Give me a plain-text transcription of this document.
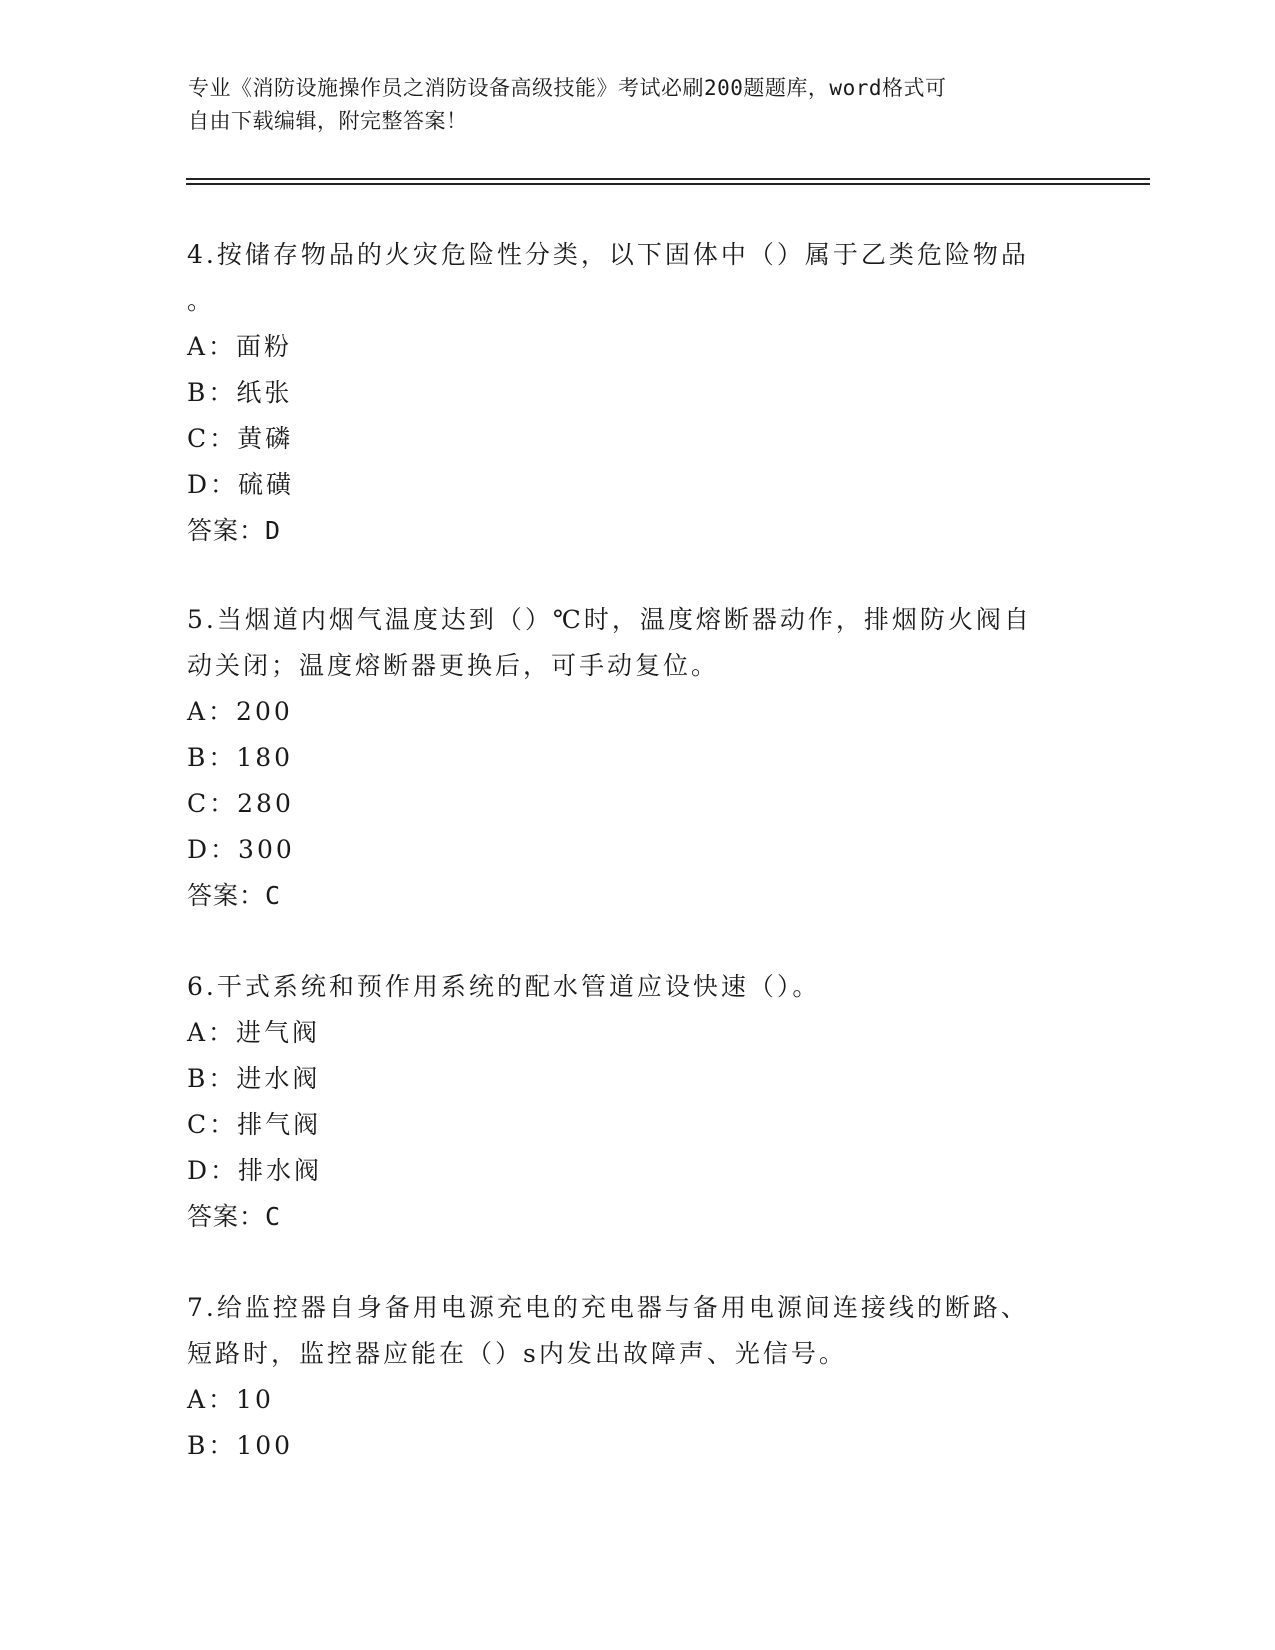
专业《消防设施操作员之消防设备高级技能》考试必刷200题题库，word格式可
自由下载编辑，附完整答案！
4.按储存物品的火灾危险性分类，以下固体中（）属于乙类危险物品
。
A：面粉
B：纸张
C：黄磷
D：硫磺
答案：D
5.当烟道内烟气温度达到（）℃时，温度熔断器动作，排烟防火阀自
动关闭；温度熔断器更换后，可手动复位。
A：200
B：180
C：280
D：300
答案：C
6.干式系统和预作用系统的配水管道应设快速（）。
A：进气阀
B：进水阀
C：排气阀
D：排水阀
答案：C
7.给监控器自身备用电源充电的充电器与备用电源间连接线的断路、
短路时，监控器应能在（）s内发出故障声、光信号。
A：10
B：100
